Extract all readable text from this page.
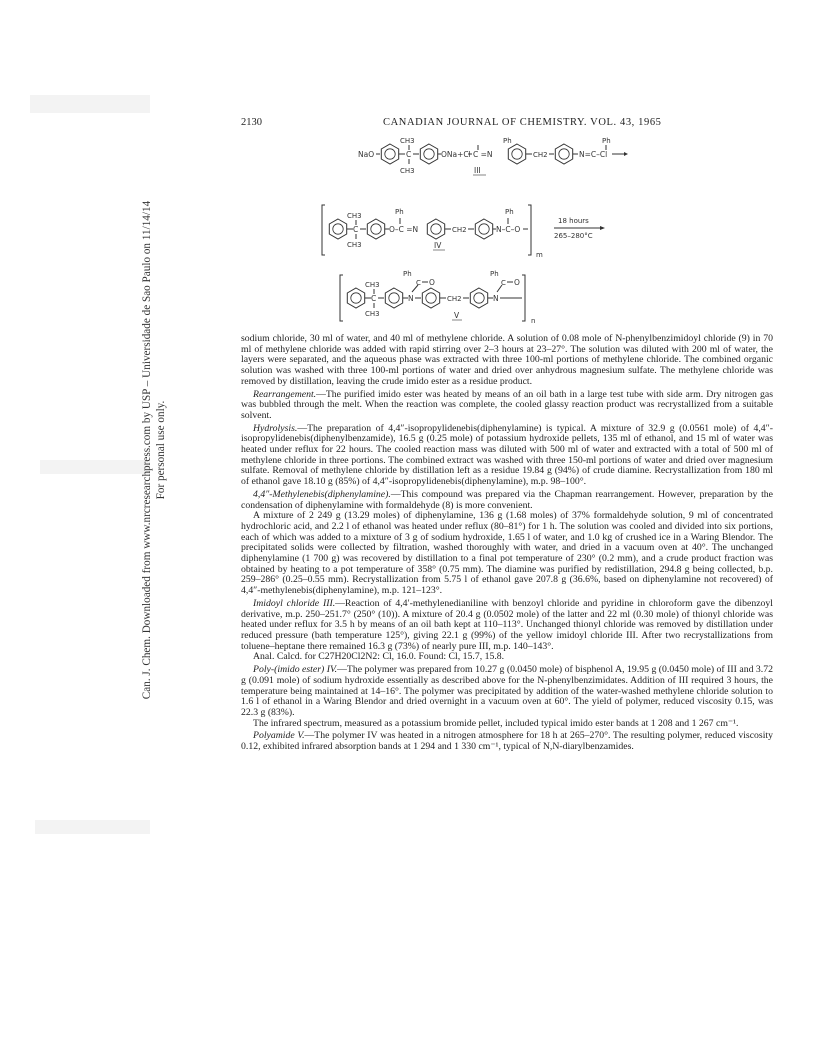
Can. J. Chem. Downloaded from www.nrcresearchpress.com by USP – Universidade de Sao Paulo on 11/14/14 For personal use only.
2130	CANADIAN JOURNAL OF CHEMISTRY. VOL. 43, 1965
NaO	C
CH3
CH3
ONa+Cl
Ph
C =N	CH2
Ph
N=C–Cl
III
C
CH3
CH3
O–C =N
Ph
CH2	N–C–O
Ph
IV
m
18 hours
265–280°C
C
CH3
CH3
N
C
Ph
O
CH2	N
C
Ph
O
V
n

sodium chloride, 30 ml of water, and 40 ml of methylene chloride. A solution of 0.08 mole of N-phenylbenzimidoyl chloride (9) in 70 ml of methylene chloride was added with rapid stirring over 2–3 hours at 23–27°. The solution was diluted with 200 ml of water, the layers were separated, and the aqueous phase was extracted with three 100-ml portions of methylene chloride. The combined organic solution was washed with three 100-ml portions of water and dried over anhydrous magnesium sulfate. The methylene chloride was removed by distillation, leaving the crude imido ester as a residue product.

Rearrangement.—The purified imido ester was heated by means of an oil bath in a large test tube with side arm. Dry nitrogen gas was bubbled through the melt. When the reaction was complete, the cooled glassy reaction product was recrystallized from a suitable solvent.

Hydrolysis.—The preparation of 4,4″-isopropylidenebis(diphenylamine) is typical. A mixture of 32.9 g (0.0561 mole) of 4,4″-isopropylidenebis(diphenylbenzamide), 16.5 g (0.25 mole) of potassium hydroxide pellets, 135 ml of ethanol, and 15 ml of water was heated under reflux for 22 hours. The cooled reaction mass was diluted with 500 ml of water and extracted with a total of 500 ml of methylene chloride in three portions. The combined extract was washed with three 150-ml portions of water and dried over magnesium sulfate. Removal of methylene chloride by distillation left as a residue 19.84 g (94%) of crude diamine. Recrystallization from 180 ml of ethanol gave 18.10 g (85%) of 4,4″-isopropylidenebis(diphenylamine), m.p. 98–100°.

4,4″-Methylenebis(diphenylamine).—This compound was prepared via the Chapman rearrangement. However, preparation by the condensation of diphenylamine with formaldehyde (8) is more convenient.

A mixture of 2 249 g (13.29 moles) of diphenylamine, 136 g (1.68 moles) of 37% formaldehyde solution, 9 ml of concentrated hydrochloric acid, and 2.2 l of ethanol was heated under reflux (80–81°) for 1 h. The solution was cooled and divided into six portions, each of which was added to a mixture of 3 g of sodium hydroxide, 1.65 l of water, and 1.0 kg of crushed ice in a Waring Blendor. The precipitated solids were collected by filtration, washed thoroughly with water, and dried in a vacuum oven at 40°. The unchanged diphenylamine (1 700 g) was recovered by distillation to a final pot temperature of 230° (0.2 mm), and a crude product fraction was obtained by heating to a pot temperature of 358° (0.75 mm). The diamine was purified by redistillation, 294.8 g being collected, b.p. 259–286° (0.25–0.55 mm). Recrystallization from 5.75 l of ethanol gave 207.8 g (36.6%, based on diphenylamine not recovered) of 4,4″-methylenebis(diphenylamine), m.p. 121–123°.

Imidoyl chloride III.—Reaction of 4,4′-methylenedianiline with benzoyl chloride and pyridine in chloroform gave the dibenzoyl derivative, m.p. 250–251.7° (250° (10)). A mixture of 20.4 g (0.0502 mole) of the latter and 22 ml (0.30 mole) of thionyl chloride was heated under reflux for 3.5 h by means of an oil bath kept at 110–113°. Unchanged thionyl chloride was removed by distillation under reduced pressure (bath temperature 125°), giving 22.1 g (99%) of the yellow imidoyl chloride III. After two recrystallizations from toluene–heptane there remained 16.3 g (73%) of nearly pure III, m.p. 140–143°.

Anal. Calcd. for C27H20Cl2N2: Cl, 16.0. Found: Cl, 15.7, 15.8.

Poly-(imido ester) IV.—The polymer was prepared from 10.27 g (0.0450 mole) of bisphenol A, 19.95 g (0.0450 mole) of III and 3.72 g (0.091 mole) of sodium hydroxide essentially as described above for the N-phenylbenzimidates. Addition of III required 3 hours, the temperature being maintained at 14–16°. The polymer was precipitated by addition of the water-washed methylene chloride solution to 1.6 l of ethanol in a Waring Blendor and dried overnight in a vacuum oven at 60°. The yield of polymer, reduced viscosity 0.15, was 22.3 g (83%).

The infrared spectrum, measured as a potassium bromide pellet, included typical imido ester bands at 1 208 and 1 267 cm⁻¹.

Polyamide V.—The polymer IV was heated in a nitrogen atmosphere for 18 h at 265–270°. The resulting polymer, reduced viscosity 0.12, exhibited infrared absorption bands at 1 294 and 1 330 cm⁻¹, typical of N,N-diarylbenzamides.
